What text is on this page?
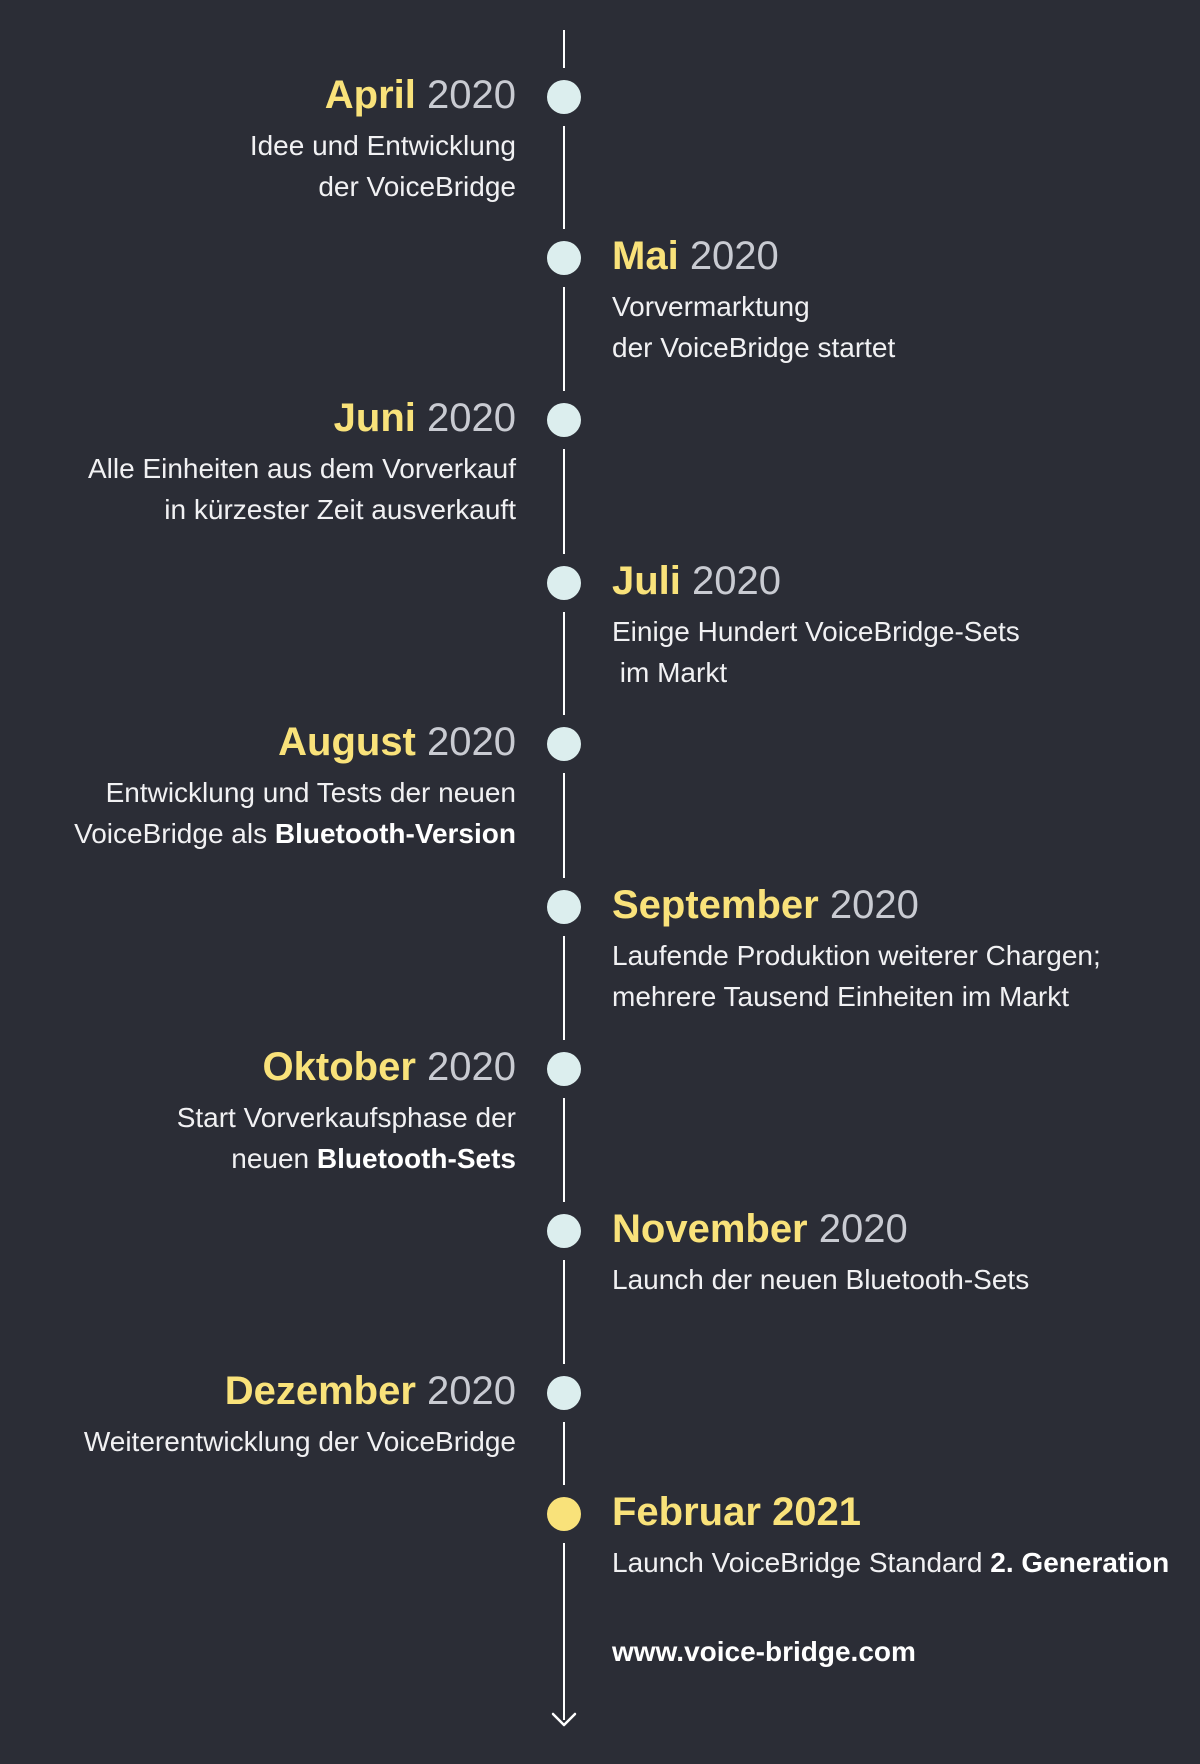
April 2020
Idee und Entwicklung
der VoiceBridge
Mai 2020
Vorvermarktung
der VoiceBridge startet
Juni 2020
Alle Einheiten aus dem Vorverkauf
in kürzester Zeit ausverkauft
Juli 2020
Einige Hundert VoiceBridge-Sets
im Markt
August 2020
Entwicklung und Tests der neuen
VoiceBridge als Bluetooth-Version
September 2020
Laufende Produktion weiterer Chargen;
mehrere Tausend Einheiten im Markt
Oktober 2020
Start Vorverkaufsphase der
neuen Bluetooth-Sets
November 2020
Launch der neuen Bluetooth-Sets
Dezember 2020
Weiterentwicklung der VoiceBridge
Februar 2021
Launch VoiceBridge Standard 2. Generation
www.voice-bridge.com
